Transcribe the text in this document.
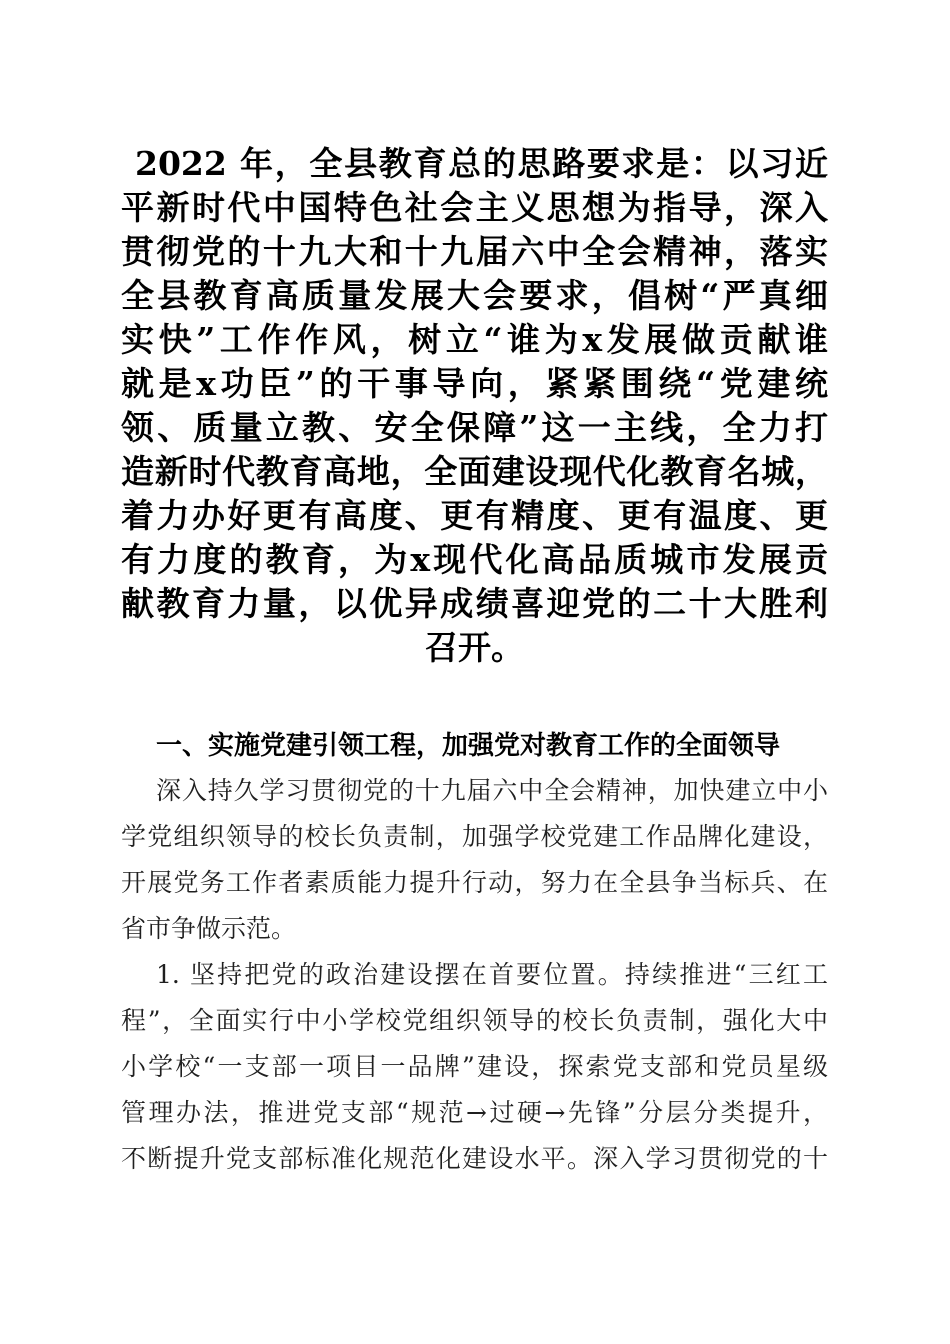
2022 年，全县教育总的思路要求是：以习近
平新时代中国特色社会主义思想为指导，深入
贯彻党的十九大和十九届六中全会精神，落实
全县教育高质量发展大会要求，倡树“严真细
实快”工作作风，树立“谁为x发展做贡献谁
就是x功臣”的干事导向，紧紧围绕“党建统
领、质量立教、安全保障”这一主线，全力打
造新时代教育高地，全面建设现代化教育名城，
着力办好更有高度、更有精度、更有温度、更
有力度的教育，为x现代化高品质城市发展贡
献教育力量，以优异成绩喜迎党的二十大胜利
召开。
一、实施党建引领工程，加强党对教育工作的全面领导
深入持久学习贯彻党的十九届六中全会精神，加快建立中小
学党组织领导的校长负责制，加强学校党建工作品牌化建设，
开展党务工作者素质能力提升行动，努力在全县争当标兵、在
省市争做示范。
1. 坚持把党的政治建设摆在首要位置。持续推进“三红工
程”，全面实行中小学校党组织领导的校长负责制，强化大中
小学校“一支部一项目一品牌”建设，探索党支部和党员星级
管理办法，推进党支部“规范→过硬→先锋”分层分类提升，
不断提升党支部标准化规范化建设水平。深入学习贯彻党的十
